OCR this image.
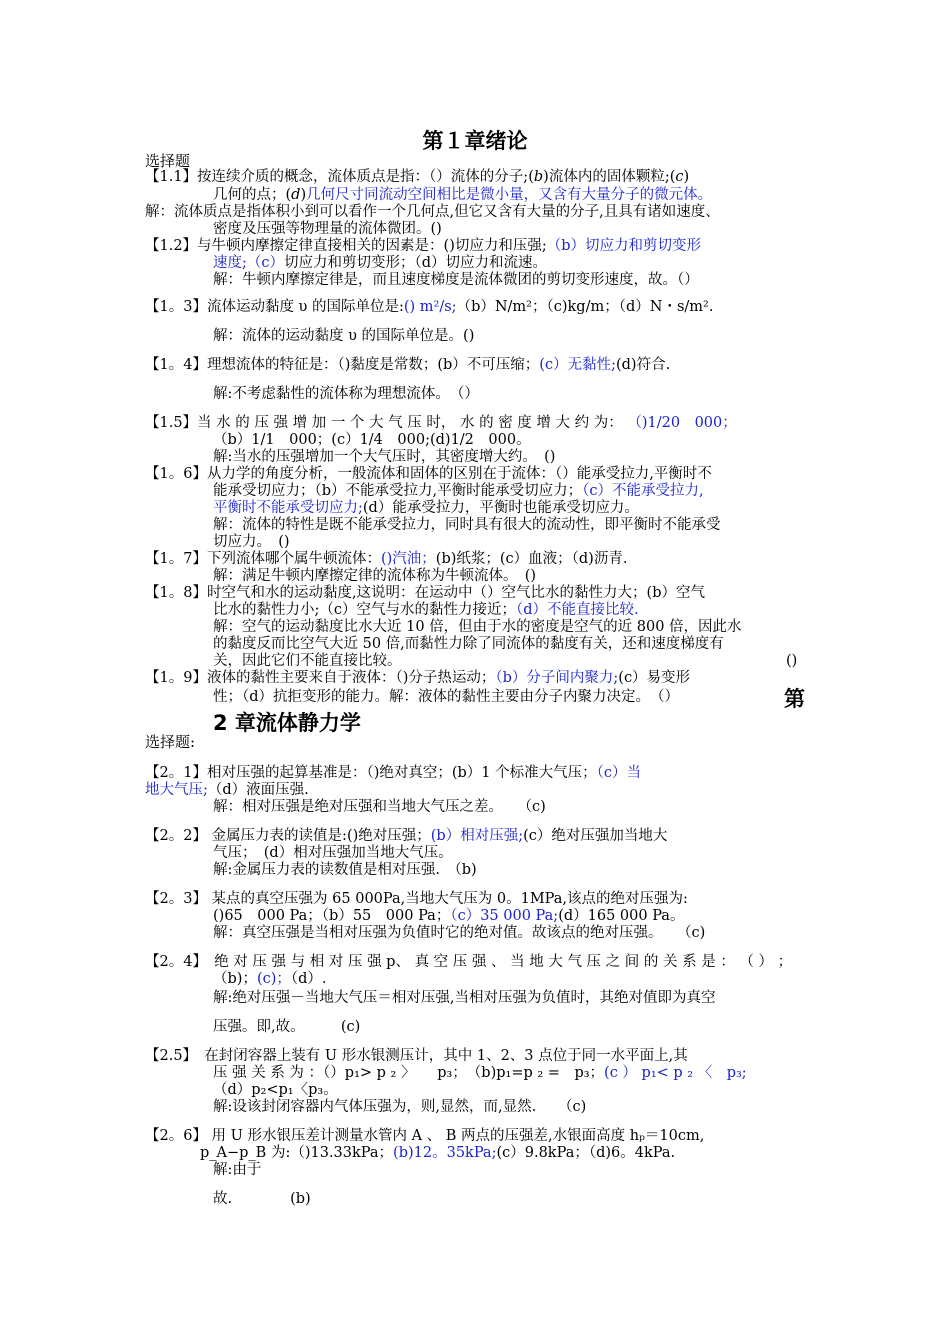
第１章绪论
选择题
【1.1】按连续介质的概念，流体质点是指：（）流体的分子;(b)流体内的固体颗粒;(c)
几何的点；(d)几何尺寸同流动空间相比是微小量，又含有大量分子的微元体。
解：流体质点是指体积小到可以看作一个几何点,但它又含有大量的分子,且具有诸如速度、
密度及压强等物理量的流体微团。()
【1.2】与牛顿内摩擦定律直接相关的因素是：()切应力和压强;（b）切应力和剪切变形
速度;（c）切应力和剪切变形；（d）切应力和流速。
解：牛顿内摩擦定律是，而且速度梯度是流体微团的剪切变形速度，故。（）
【1。3】流体运动黏度 υ 的国际单位是:() m²/s;（b）N/m²；（c)kg/m；（d）N・s/m².
解：流体的运动黏度 υ 的国际单位是。()
【1。4】理想流体的特征是：（)黏度是常数；(b）不可压缩；(c）无黏性;(d)符合.
解:不考虑黏性的流体称为理想流体。　（）
【1.5】当 水 的 压 强 增 加 一 个 大 气 压 时， 水 的 密 度 增 大 约 为： （)1/20　000；
（b）1/1　000；(c）1/4　000;(d)1/2　000。
解:当水的压强增加一个大气压时，其密度增大约。　()
【1。6】从力学的角度分析，一般流体和固体的区别在于流体：（）能承受拉力,平衡时不
能承受切应力；（b）不能承受拉力,平衡时能承受切应力；（c）不能承受拉力,
平衡时不能承受切应力;(d）能承受拉力，平衡时也能承受切应力。
解：流体的特性是既不能承受拉力，同时具有很大的流动性，即平衡时不能承受
切应力。　()
【1。7】下列流体哪个属牛顿流体：()汽油；(b)纸浆；(c）血液；（d)沥青.
解：满足牛顿内摩擦定律的流体称为牛顿流体。　()
【1。8】时空气和水的运动黏度,这说明：在运动中（）空气比水的黏性力大；(b）空气
比水的黏性力小;（c）空气与水的黏性力接近；（d）不能直接比较.
解：空气的运动黏度比水大近 10 倍，但由于水的密度是空气的近 800 倍，因此水
的黏度反而比空气大近 50 倍,而黏性力除了同流体的黏度有关，还和速度梯度有
关，因此它们不能直接比较。	()
【1。9】液体的黏性主要来自于液体：（)分子热运动；（b）分子间内聚力;(c）易变形
性；（d）抗拒变形的能力。解：液体的黏性主要由分子内聚力决定。　（）	第
2 章流体静力学
选择题:
【2。1】相对压强的起算基准是：（)绝对真空；(b）1 个标准大气压；（c）当
地大气压;（d）液面压强.
解：相对压强是绝对压强和当地大气压之差。　　（c)
【2。2】 金属压力表的读值是:()绝对压强；(b）相对压强;(c）绝对压强加当地大
气压；　(d）相对压强加当地大气压。
解:金属压力表的读数值是相对压强.　（b)
【2。3】 某点的真空压强为 65 000Pa,当地大气压为 0。1MPa,该点的绝对压强为:
()65　000 Pa；（b）55　000 Pa；（c）35 000 Pa;(d）165 000 Pa。
解：真空压强是当相对压强为负值时它的绝对值。故该点的绝对压强。　　（c)
【2。4】　绝 对 压 强 与 相 对 压 强 p、 真 空 压 强 、 当 地 大 气 压 之 间 的 关 系 是 ： （ ） ；
（b)；(c)；（d）.
解:绝对压强－当地大气压＝相对压强,当相对压强为负值时，其绝对值即为真空
压强。即,故。　　　(c)
【2.5】　在封闭容器上装有 U 形水银测压计，其中 1、2、3 点位于同一水平面上,其
压 强 关 系 为 ：（）p₁> p ₂ 〉　　p₃；　（b)p₁=p ₂ =　p₃；(c ） p₁< p ₂ 〈　p₃;
（d）p₂<p₁〈p₃。
解:设该封闭容器内气体压强为，则,显然，而,显然.　　（c)
【2。6】 用 U 形水银压差计测量水管内 A 、 B 两点的压强差,水银面高度 hₚ＝10cm,
p_A−p_B 为:（)13.33kPa；(b)12。35kPa;(c）9.8kPa；（d)6。4kPa.
解:由于
故.　　　　(b)
